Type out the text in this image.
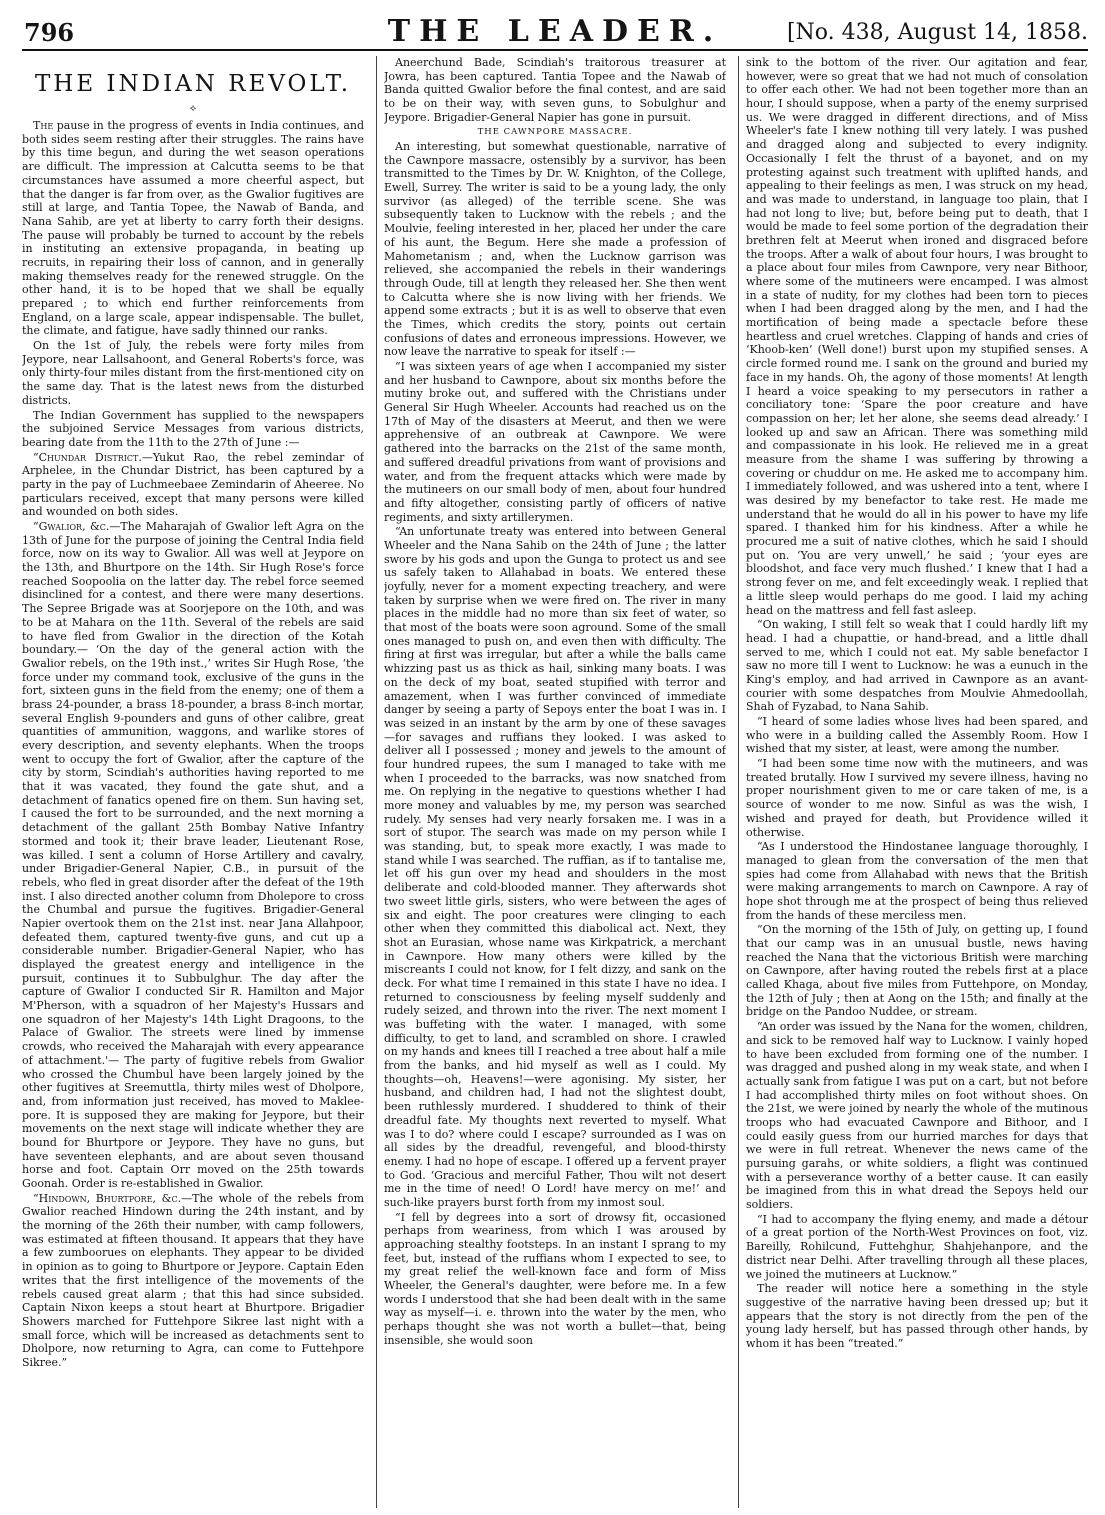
796	THE LEADER.	[No. 438, August 14, 1858.
THE INDIAN REVOLT.
⟡

The pause in the progress of events in India continues, and both sides seem resting after their struggles. The rains have by this time begun, and during the wet season operations are difficult. The impression at Calcutta seems to be that circumstances have assumed a more cheerful aspect, but that the danger is far from over, as the Gwalior fugitives are still at large, and Tantia Topee, the Nawab of Banda, and Nana Sahib, are yet at liberty to carry forth their designs. The pause will probably be turned to account by the rebels in instituting an extensive propaganda, in beating up recruits, in repairing their loss of cannon, and in generally making themselves ready for the renewed struggle. On the other hand, it is to be hoped that we shall be equally prepared ; to which end further reinforcements from England, on a large scale, appear indispensable. The bullet, the climate, and fatigue, have sadly thinned our ranks.

On the 1st of July, the rebels were forty miles from Jeypore, near Lallsahoont, and General Roberts's force, was only thirty-four miles distant from the first-mentioned city on the same day. That is the latest news from the disturbed districts.

The Indian Government has supplied to the newspapers the subjoined Service Messages from various districts, bearing date from the 11th to the 27th of June :—

“Chundar District.—Yukut Rao, the rebel zemindar of Arphelee, in the Chundar District, has been captured by a party in the pay of Luchmeebaee Zemindarin of Aheeree. No particulars received, except that many persons were killed and wounded on both sides.

“Gwalior, &c.—The Maharajah of Gwalior left Agra on the 13th of June for the purpose of joining the Central India field force, now on its way to Gwalior. All was well at Jeypore on the 13th, and Bhurtpore on the 14th. Sir Hugh Rose's force reached Soopoolia on the latter day. The rebel force seemed disinclined for a contest, and there were many desertions. The Sepree Brigade was at Soorjepore on the 10th, and was to be at Mahara on the 11th. Several of the rebels are said to have fled from Gwalior in the direction of the Kotah boundary.— ‘On the day of the general action with the Gwalior rebels, on the 19th inst.,’ writes Sir Hugh Rose, ‘the force under my command took, exclusive of the guns in the fort, sixteen guns in the field from the enemy; one of them a brass 24-pounder, a brass 18-pounder, a brass 8-inch mortar, several English 9-pounders and guns of other calibre, great quantities of ammunition, waggons, and warlike stores of every description, and seventy elephants. When the troops went to occupy the fort of Gwalior, after the capture of the city by storm, Scindiah's authorities having reported to me that it was vacated, they found the gate shut, and a detachment of fanatics opened fire on them. Sun having set, I caused the fort to be surrounded, and the next morning a detachment of the gallant 25th Bombay Native Infantry stormed and took it; their brave leader, Lieutenant Rose, was killed. I sent a column of Horse Artillery and cavalry, under Brigadier-General Napier, C.B., in pursuit of the rebels, who fled in great disorder after the defeat of the 19th inst. I also directed another column from Dholepore to cross the Chumbal and pursue the fugitives. Brigadier-General Napier overtook them on the 21st inst. near Jana Allahpoor, defeated them, captured twenty-five guns, and cut up a considerable number. Brigadier-General Napier, who has displayed the greatest energy and intelligence in the pursuit, continues it to Subbulghur. The day after the capture of Gwalior I conducted Sir R. Hamilton and Major M'Pherson, with a squadron of her Majesty's Hussars and one squadron of her Majesty's 14th Light Dragoons, to the Palace of Gwalior. The streets were lined by immense crowds, who received the Maharajah with every appearance of attachment.'— The party of fugitive rebels from Gwalior who crossed the Chumbul have been largely joined by the other fugitives at Sreemuttla, thirty miles west of Dholpore, and, from information just received, has moved to Maklee-pore. It is supposed they are making for Jeypore, but their movements on the next stage will indicate whether they are bound for Bhurtpore or Jeypore. They have no guns, but have seventeen elephants, and are about seven thousand horse and foot. Captain Orr moved on the 25th towards Goonah. Order is re-established in Gwalior.

“Hindown, Bhurtpore, &c.—The whole of the rebels from Gwalior reached Hindown during the 24th instant, and by the morning of the 26th their number, with camp followers, was estimated at fifteen thousand. It appears that they have a few zumboorues on elephants. They appear to be divided in opinion as to going to Bhurtpore or Jeypore. Captain Eden writes that the first intelligence of the movements of the rebels caused great alarm ; that this had since subsided. Captain Nixon keeps a stout heart at Bhurtpore. Brigadier Showers marched for Futtehpore Sikree last night with a small force, which will be increased as detachments sent to Dholpore, now returning to Agra, can come to Futtehpore Sikree.”

Aneerchund Bade, Scindiah's traitorous treasurer at Jowra, has been captured. Tantia Topee and the Nawab of Banda quitted Gwalior before the final contest, and are said to be on their way, with seven guns, to Sobulghur and Jeypore. Brigadier-General Napier has gone in pursuit.

THE CAWNPORE MASSACRE.

An interesting, but somewhat questionable, narrative of the Cawnpore massacre, ostensibly by a survivor, has been transmitted to the Times by Dr. W. Knighton, of the College, Ewell, Surrey. The writer is said to be a young lady, the only survivor (as alleged) of the terrible scene. She was subsequently taken to Lucknow with the rebels ; and the Moulvie, feeling interested in her, placed her under the care of his aunt, the Begum. Here she made a profession of Mahometanism ; and, when the Lucknow garrison was relieved, she accompanied the rebels in their wanderings through Oude, till at length they released her. She then went to Calcutta where she is now living with her friends. We append some extracts ; but it is as well to observe that even the Times, which credits the story, points out certain confusions of dates and erroneous impressions. However, we now leave the narrative to speak for itself :—

“I was sixteen years of age when I accompanied my sister and her husband to Cawnpore, about six months before the mutiny broke out, and suffered with the Christians under General Sir Hugh Wheeler. Accounts had reached us on the 17th of May of the disasters at Meerut, and then we were apprehensive of an outbreak at Cawnpore. We were gathered into the barracks on the 21st of the same month, and suffered dreadful privations from want of provisions and water, and from the frequent attacks which were made by the mutineers on our small body of men, about four hundred and fifty altogether, consisting partly of officers of native regiments, and sixty artillerymen.

“An unfortunate treaty was entered into between General Wheeler and the Nana Sahib on the 24th of June ; the latter swore by his gods and upon the Gunga to protect us and see us safely taken to Allahabad in boats. We entered these joyfully, never for a moment expecting treachery, and were taken by surprise when we were fired on. The river in many places in the middle had no more than six feet of water, so that most of the boats were soon aground. Some of the small ones managed to push on, and even then with difficulty. The firing at first was irregular, but after a while the balls came whizzing past us as thick as hail, sinking many boats. I was on the deck of my boat, seated stupified with terror and amazement, when I was further convinced of immediate danger by seeing a party of Sepoys enter the boat I was in. I was seized in an instant by the arm by one of these savages—for savages and ruffians they looked. I was asked to deliver all I possessed ; money and jewels to the amount of four hundred rupees, the sum I managed to take with me when I proceeded to the barracks, was now snatched from me. On replying in the negative to questions whether I had more money and valuables by me, my person was searched rudely. My senses had very nearly forsaken me. I was in a sort of stupor. The search was made on my person while I was standing, but, to speak more exactly, I was made to stand while I was searched. The ruffian, as if to tantalise me, let off his gun over my head and shoulders in the most deliberate and cold-blooded manner. They afterwards shot two sweet little girls, sisters, who were between the ages of six and eight. The poor creatures were clinging to each other when they committed this diabolical act. Next, they shot an Eurasian, whose name was Kirkpatrick, a merchant in Cawnpore. How many others were killed by the miscreants I could not know, for I felt dizzy, and sank on the deck. For what time I remained in this state I have no idea. I returned to consciousness by feeling myself suddenly and rudely seized, and thrown into the river. The next moment I was buffeting with the water. I managed, with some difficulty, to get to land, and scrambled on shore. I crawled on my hands and knees till I reached a tree about half a mile from the banks, and hid myself as well as I could. My thoughts—oh, Heavens!—were agonising. My sister, her husband, and children had, I had not the slightest doubt, been ruthlessly murdered. I shuddered to think of their dreadful fate. My thoughts next reverted to myself. What was I to do? where could I escape? surrounded as I was on all sides by the dreadful, revengeful, and blood-thirsty enemy. I had no hope of escape. I offered up a fervent prayer to God. ‘Gracious and merciful Father, Thou wilt not desert me in the time of need! O Lord! have mercy on me!’ and such-like prayers burst forth from my inmost soul.

“I fell by degrees into a sort of drowsy fit, occasioned perhaps from weariness, from which I was aroused by approaching stealthy footsteps. In an instant I sprang to my feet, but, instead of the ruffians whom I expected to see, to my great relief the well-known face and form of Miss Wheeler, the General's daughter, were before me. In a few words I understood that she had been dealt with in the same way as myself—i. e. thrown into the water by the men, who perhaps thought she was not worth a bullet—that, being insensible, she would soon

sink to the bottom of the river. Our agitation and fear, however, were so great that we had not much of consolation to offer each other. We had not been together more than an hour, I should suppose, when a party of the enemy surprised us. We were dragged in different directions, and of Miss Wheeler's fate I knew nothing till very lately. I was pushed and dragged along and subjected to every indignity. Occasionally I felt the thrust of a bayonet, and on my protesting against such treatment with uplifted hands, and appealing to their feelings as men, I was struck on my head, and was made to understand, in language too plain, that I had not long to live; but, before being put to death, that I would be made to feel some portion of the degradation their brethren felt at Meerut when ironed and disgraced before the troops. After a walk of about four hours, I was brought to a place about four miles from Cawnpore, very near Bithoor, where some of the mutineers were encamped. I was almost in a state of nudity, for my clothes had been torn to pieces when I had been dragged along by the men, and I had the mortification of being made a spectacle before these heartless and cruel wretches. Clapping of hands and cries of ‘Khoob-ken’ (Well done!) burst upon my stupified senses. A circle formed round me. I sank on the ground and buried my face in my hands. Oh, the agony of those moments! At length I heard a voice speaking to my persecutors in rather a conciliatory tone: ‘Spare the poor creature and have compassion on her; let her alone, she seems dead already.’ I looked up and saw an African. There was something mild and compassionate in his look. He relieved me in a great measure from the shame I was suffering by throwing a covering or chuddur on me. He asked me to accompany him. I immediately followed, and was ushered into a tent, where I was desired by my benefactor to take rest. He made me understand that he would do all in his power to have my life spared. I thanked him for his kindness. After a while he procured me a suit of native clothes, which he said I should put on. ‘You are very unwell,’ he said ; ‘your eyes are bloodshot, and face very much flushed.’ I knew that I had a strong fever on me, and felt exceedingly weak. I replied that a little sleep would perhaps do me good. I laid my aching head on the mattress and fell fast asleep.

“On waking, I still felt so weak that I could hardly lift my head. I had a chupattie, or hand-bread, and a little dhall served to me, which I could not eat. My sable benefactor I saw no more till I went to Lucknow: he was a eunuch in the King's employ, and had arrived in Cawnpore as an avant-courier with some despatches from Moulvie Ahmedoollah, Shah of Fyzabad, to Nana Sahib.

“I heard of some ladies whose lives had been spared, and who were in a building called the Assembly Room. How I wished that my sister, at least, were among the number.

“I had been some time now with the mutineers, and was treated brutally. How I survived my severe illness, having no proper nourishment given to me or care taken of me, is a source of wonder to me now. Sinful as was the wish, I wished and prayed for death, but Providence willed it otherwise.

“As I understood the Hindostanee language thoroughly, I managed to glean from the conversation of the men that spies had come from Allahabad with news that the British were making arrangements to march on Cawnpore. A ray of hope shot through me at the prospect of being thus relieved from the hands of these merciless men.

“On the morning of the 15th of July, on getting up, I found that our camp was in an unusual bustle, news having reached the Nana that the victorious British were marching on Cawnpore, after having routed the rebels first at a place called Khaga, about five miles from Futtehpore, on Monday, the 12th of July ; then at Aong on the 15th; and finally at the bridge on the Pandoo Nuddee, or stream.

“An order was issued by the Nana for the women, children, and sick to be removed half way to Lucknow. I vainly hoped to have been excluded from forming one of the number. I was dragged and pushed along in my weak state, and when I actually sank from fatigue I was put on a cart, but not before I had accomplished thirty miles on foot without shoes. On the 21st, we were joined by nearly the whole of the mutinous troops who had evacuated Cawnpore and Bithoor, and I could easily guess from our hurried marches for days that we were in full retreat. Whenever the news came of the pursuing garahs, or white soldiers, a flight was continued with a perseverance worthy of a better cause. It can easily be imagined from this in what dread the Sepoys held our soldiers.

“I had to accompany the flying enemy, and made a détour of a great portion of the North-West Provinces on foot, viz. Bareilly, Rohilcund, Futtehghur, Shahjehanpore, and the district near Delhi. After travelling through all these places, we joined the mutineers at Lucknow.”

The reader will notice here a something in the style suggestive of the narrative having been dressed up; but it appears that the story is not directly from the pen of the young lady herself, but has passed through other hands, by whom it has been “treated.”
